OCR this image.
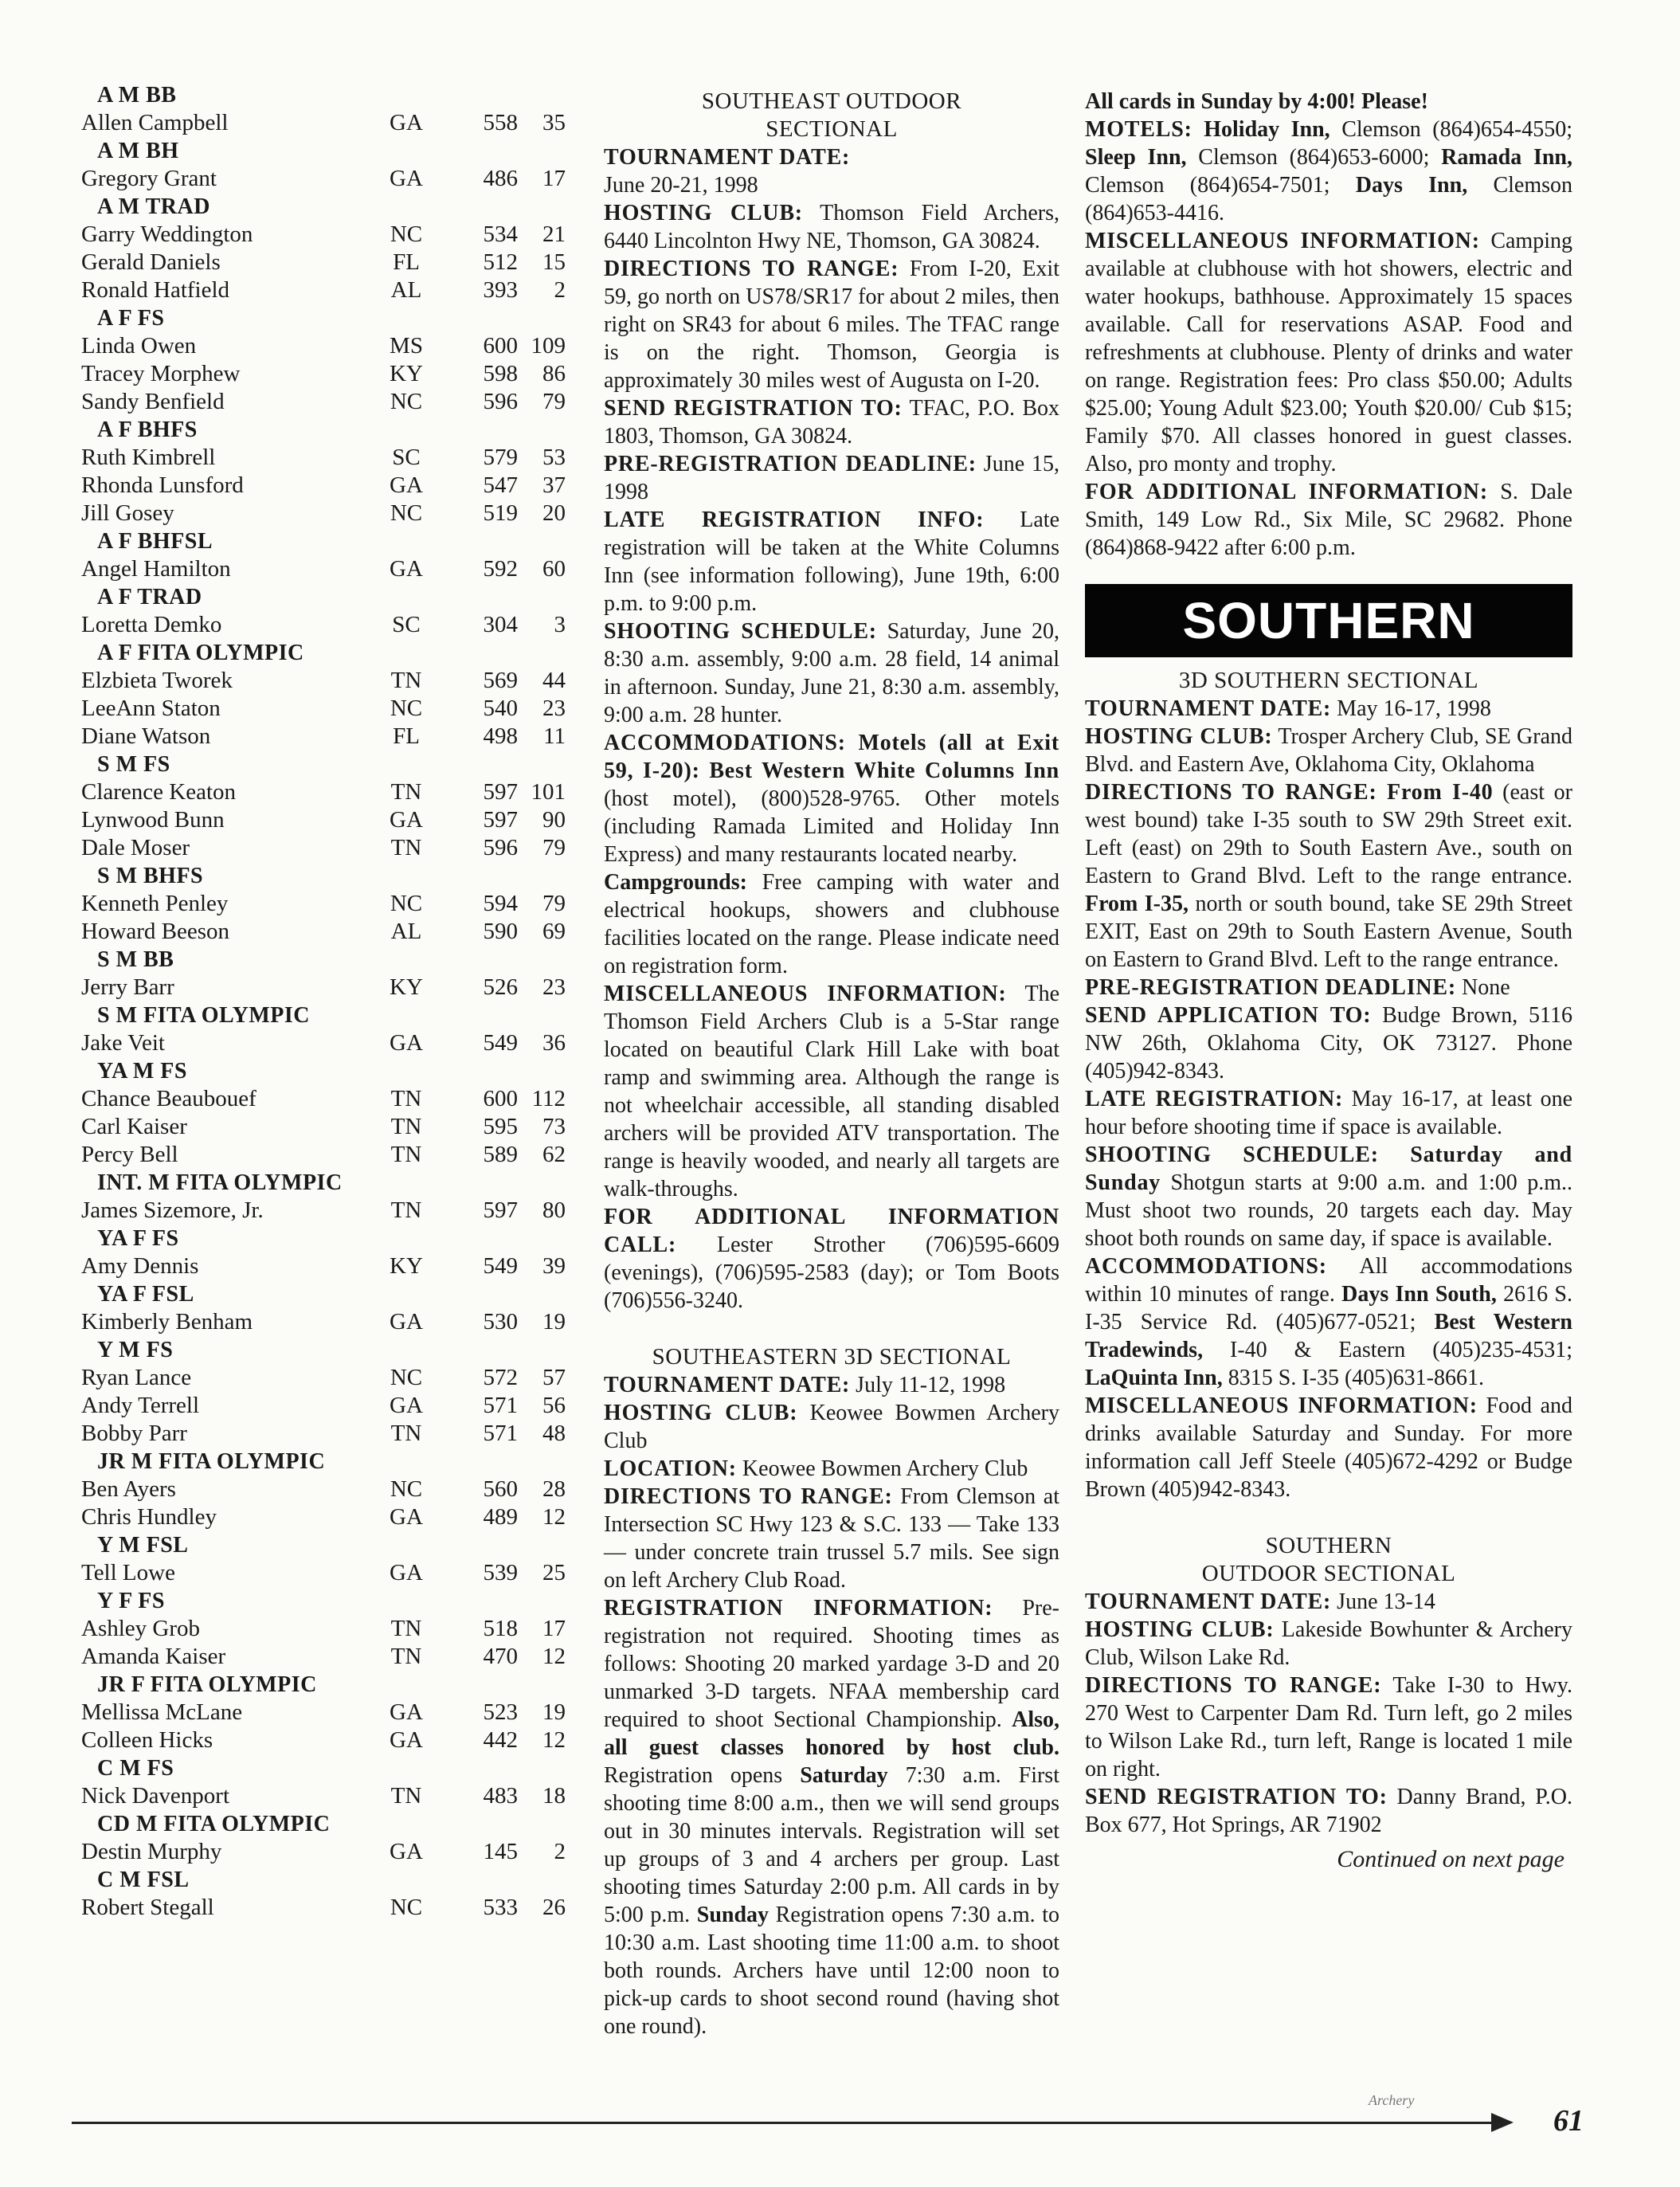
A M BB
Allen Campbell	GA	558	35
A M BH
Gregory Grant	GA	486	17
A M TRAD
Garry Weddington	NC	534	21
Gerald Daniels	FL	512	15
Ronald Hatfield	AL	393	2
A F FS
Linda Owen	MS	600 109
Tracey Morphew	KY	598	86
Sandy Benfield	NC	596	79
A F BHFS
Ruth Kimbrell	SC	579	53
Rhonda Lunsford	GA	547	37
Jill Gosey	NC	519	20
A F BHFSL
Angel Hamilton	GA	592	60
A F TRAD
Loretta Demko	SC	304	3
A F FITA OLYMPIC
Elzbieta Tworek	TN	569	44
LeeAnn Staton	NC	540	23
Diane Watson	FL	498	11
S M FS
Clarence Keaton	TN	597 101
Lynwood Bunn	GA	597	90
Dale Moser	TN	596	79
S M BHFS
Kenneth Penley	NC	594	79
Howard Beeson	AL	590	69
S M BB
Jerry Barr	KY	526	23
S M FITA OLYMPIC
Jake Veit	GA	549	36
YA M FS
Chance Beaubouef	TN	600 112
Carl Kaiser	TN	595	73
Percy Bell	TN	589	62
INT. M FITA OLYMPIC
James Sizemore, Jr.	TN	597	80
YA F FS
Amy Dennis	KY	549	39
YA F FSL
Kimberly Benham	GA	530	19
Y M FS
Ryan Lance	NC	572	57
Andy Terrell	GA	571	56
Bobby Parr	TN	571	48
JR M FITA OLYMPIC
Ben Ayers	NC	560	28
Chris Hundley	GA	489	12
Y M FSL
Tell Lowe	GA	539	25
Y F FS
Ashley Grob	TN	518	17
Amanda Kaiser	TN	470	12
JR F FITA OLYMPIC
Mellissa McLane	GA	523	19
Colleen Hicks	GA	442	12
C M FS
Nick Davenport	TN	483	18
CD M FITA OLYMPIC
Destin Murphy	GA	145	2
C M FSL
Robert Stegall	NC	533	26
SOUTHEAST OUTDOOR
SECTIONAL

TOURNAMENT DATE:

June 20-21, 1998

HOSTING CLUB: Thomson Field Archers, 6440 Lincolnton Hwy NE, Thomson, GA 30824.

DIRECTIONS TO RANGE: From I-20, Exit 59, go north on US78/SR17 for about 2 miles, then right on SR43 for about 6 miles. The TFAC range is on the right. Thomson, Georgia is approximately 30 miles west of Augusta on I-20.

SEND REGISTRATION TO: TFAC, P.O. Box 1803, Thomson, GA 30824.

PRE-REGISTRATION DEADLINE: June 15, 1998

LATE REGISTRATION INFO: Late registration will be taken at the White Columns Inn (see information following), June 19th, 6:00 p.m. to 9:00 p.m.

SHOOTING SCHEDULE: Saturday, June 20, 8:30 a.m. assembly, 9:00 a.m. 28 field, 14 animal in afternoon. Sunday, June 21, 8:30 a.m. assembly, 9:00 a.m. 28 hunter.

ACCOMMODATIONS: Motels (all at Exit 59, I-20): Best Western White Columns Inn (host motel), (800)528-9765. Other motels (including Ramada Limited and Holiday Inn Express) and many restaurants located nearby.

Campgrounds: Free camping with water and electrical hookups, showers and clubhouse facilities located on the range. Please indicate need on registration form.

MISCELLANEOUS INFORMATION: The Thomson Field Archers Club is a 5-Star range located on beautiful Clark Hill Lake with boat ramp and swimming area. Although the range is not wheelchair accessible, all standing disabled archers will be provided ATV transportation. The range is heavily wooded, and nearly all targets are walk-throughs.

FOR ADDITIONAL INFORMATION CALL: Lester Strother (706)595-6609 (evenings), (706)595-2583 (day); or Tom Boots (706)556-3240.

SOUTHEASTERN 3D SECTIONAL

TOURNAMENT DATE: July 11-12, 1998

HOSTING CLUB: Keowee Bowmen Archery Club

LOCATION: Keowee Bowmen Archery Club

DIRECTIONS TO RANGE: From Clemson at Intersection SC Hwy 123 & S.C. 133 — Take 133 — under concrete train trussel 5.7 mils. See sign on left Archery Club Road.

REGISTRATION INFORMATION: Pre-registration not required. Shooting times as follows: Shooting 20 marked yardage 3-D and 20 unmarked 3-D targets. NFAA membership card required to shoot Sectional Championship. Also, all guest classes honored by host club. Registration opens Saturday 7:30 a.m. First shooting time 8:00 a.m., then we will send groups out in 30 minutes intervals. Registration will set up groups of 3 and 4 archers per group. Last shooting times Saturday 2:00 p.m. All cards in by 5:00 p.m. Sunday Registration opens 7:30 a.m. to 10:30 a.m. Last shooting time 11:00 a.m. to shoot both rounds. Archers have until 12:00 noon to pick-up cards to shoot second round (having shot one round).

All cards in Sunday by 4:00! Please!

MOTELS: Holiday Inn, Clemson (864)654-4550; Sleep Inn, Clemson (864)653-6000; Ramada Inn, Clemson (864)654-7501; Days Inn, Clemson (864)653-4416.

MISCELLANEOUS INFORMATION: Camping available at clubhouse with hot showers, electric and water hookups, bathhouse. Approximately 15 spaces available. Call for reservations ASAP. Food and refreshments at clubhouse. Plenty of drinks and water on range. Registration fees: Pro class $50.00; Adults $25.00; Young Adult $23.00; Youth $20.00/ Cub $15; Family $70. All classes honored in guest classes. Also, pro monty and trophy.

FOR ADDITIONAL INFORMATION: S. Dale Smith, 149 Low Rd., Six Mile, SC 29682. Phone (864)868-9422 after 6:00 p.m.

SOUTHERN
3D SOUTHERN SECTIONAL

TOURNAMENT DATE: May 16-17, 1998

HOSTING CLUB: Trosper Archery Club, SE Grand Blvd. and Eastern Ave, Oklahoma City, Oklahoma

DIRECTIONS TO RANGE: From I-40 (east or west bound) take I-35 south to SW 29th Street exit. Left (east) on 29th to South Eastern Ave., south on Eastern to Grand Blvd. Left to the range entrance. From I-35, north or south bound, take SE 29th Street EXIT, East on 29th to South Eastern Avenue, South on Eastern to Grand Blvd. Left to the range entrance.

PRE-REGISTRATION DEADLINE: None

SEND APPLICATION TO: Budge Brown, 5116 NW 26th, Oklahoma City, OK 73127. Phone (405)942-8343.

LATE REGISTRATION: May 16-17, at least one hour before shooting time if space is available.

SHOOTING SCHEDULE: Saturday and Sunday Shotgun starts at 9:00 a.m. and 1:00 p.m.. Must shoot two rounds, 20 targets each day. May shoot both rounds on same day, if space is available.

ACCOMMODATIONS: All accommodations within 10 minutes of range. Days Inn South, 2616 S. I-35 Service Rd. (405)677-0521; Best Western Tradewinds, I-40 & Eastern (405)235-4531; LaQuinta Inn, 8315 S. I-35 (405)631-8661.

MISCELLANEOUS INFORMATION: Food and drinks available Saturday and Sunday. For more information call Jeff Steele (405)672-4292 or Budge Brown (405)942-8343.

SOUTHERN
OUTDOOR SECTIONAL

TOURNAMENT DATE: June 13-14

HOSTING CLUB: Lakeside Bowhunter & Archery Club, Wilson Lake Rd.

DIRECTIONS TO RANGE: Take I-30 to Hwy. 270 West to Carpenter Dam Rd. Turn left, go 2 miles to Wilson Lake Rd., turn left, Range is located 1 mile on right.

SEND REGISTRATION TO: Danny Brand, P.O. Box 677, Hot Springs, AR 71902

Continued on next page
Archery
61
